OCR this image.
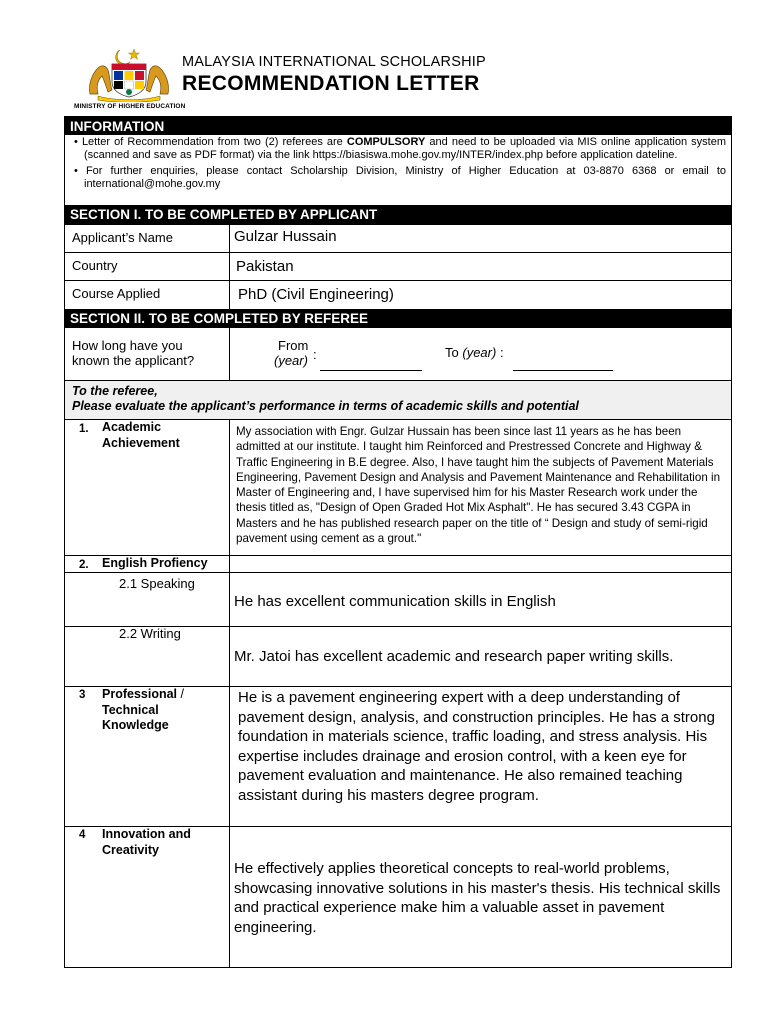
MINISTRY OF HIGHER EDUCATION
MALAYSIA INTERNATIONAL SCHOLARSHIP
RECOMMENDATION LETTER
INFORMATION

• Letter of Recommendation from two (2) referees are COMPULSORY and need to be uploaded via MIS online application system (scanned and save as PDF format) via the link https://biasiswa.mohe.gov.my/INTER/index.php before application dateline.

• For further enquiries, please contact Scholarship Division, Ministry of Higher Education at 03-8870 6368 or email to international@mohe.gov.my

SECTION I. TO BE COMPLETED BY APPLICANT
Applicant’s Name	Gulzar Hussain
Country	Pakistan
Course Applied	PhD (Civil Engineering)
SECTION II. TO BE COMPLETED BY REFEREE
How long have you known the applicant?
From
(year) :	To (year) :
To the referee,
Please evaluate the applicant’s performance in terms of academic skills and potential
1. Academic Achievement
My association with Engr. Gulzar Hussain has been since last 11 years as he has been admitted at our institute. I taught him Reinforced and Prestressed Concrete and Highway & Traffic Engineering in B.E degree. Also, I have taught him the subjects of Pavement Materials Engineering, Pavement Design and Analysis and Pavement Maintenance and Rehabilitation in Master of Engineering and, I have supervised him for his Master Research work under the thesis titled as, "Design of Open Graded Hot Mix Asphalt". He has secured 3.43 CGPA in Masters and he has published research paper on the title of “ Design and study of semi-rigid pavement using cement as a grout."
2. English Profiency
2.1 Speaking
He has excellent communication skills in English
2.2 Writing
Mr. Jatoi has excellent academic and research paper writing skills.
3 Professional /
Technical Knowledge
He is a pavement engineering expert with a deep understanding of pavement design, analysis, and construction principles. He has a strong foundation in materials science, traffic loading, and stress analysis. His expertise includes drainage and erosion control, with a keen eye for pavement evaluation and maintenance. He also remained teaching assistant during his masters degree program.
4 Innovation and Creativity
He effectively applies theoretical concepts to real-world problems, showcasing innovative solutions in his master's thesis. His technical skills and practical experience make him a valuable asset in pavement engineering.
